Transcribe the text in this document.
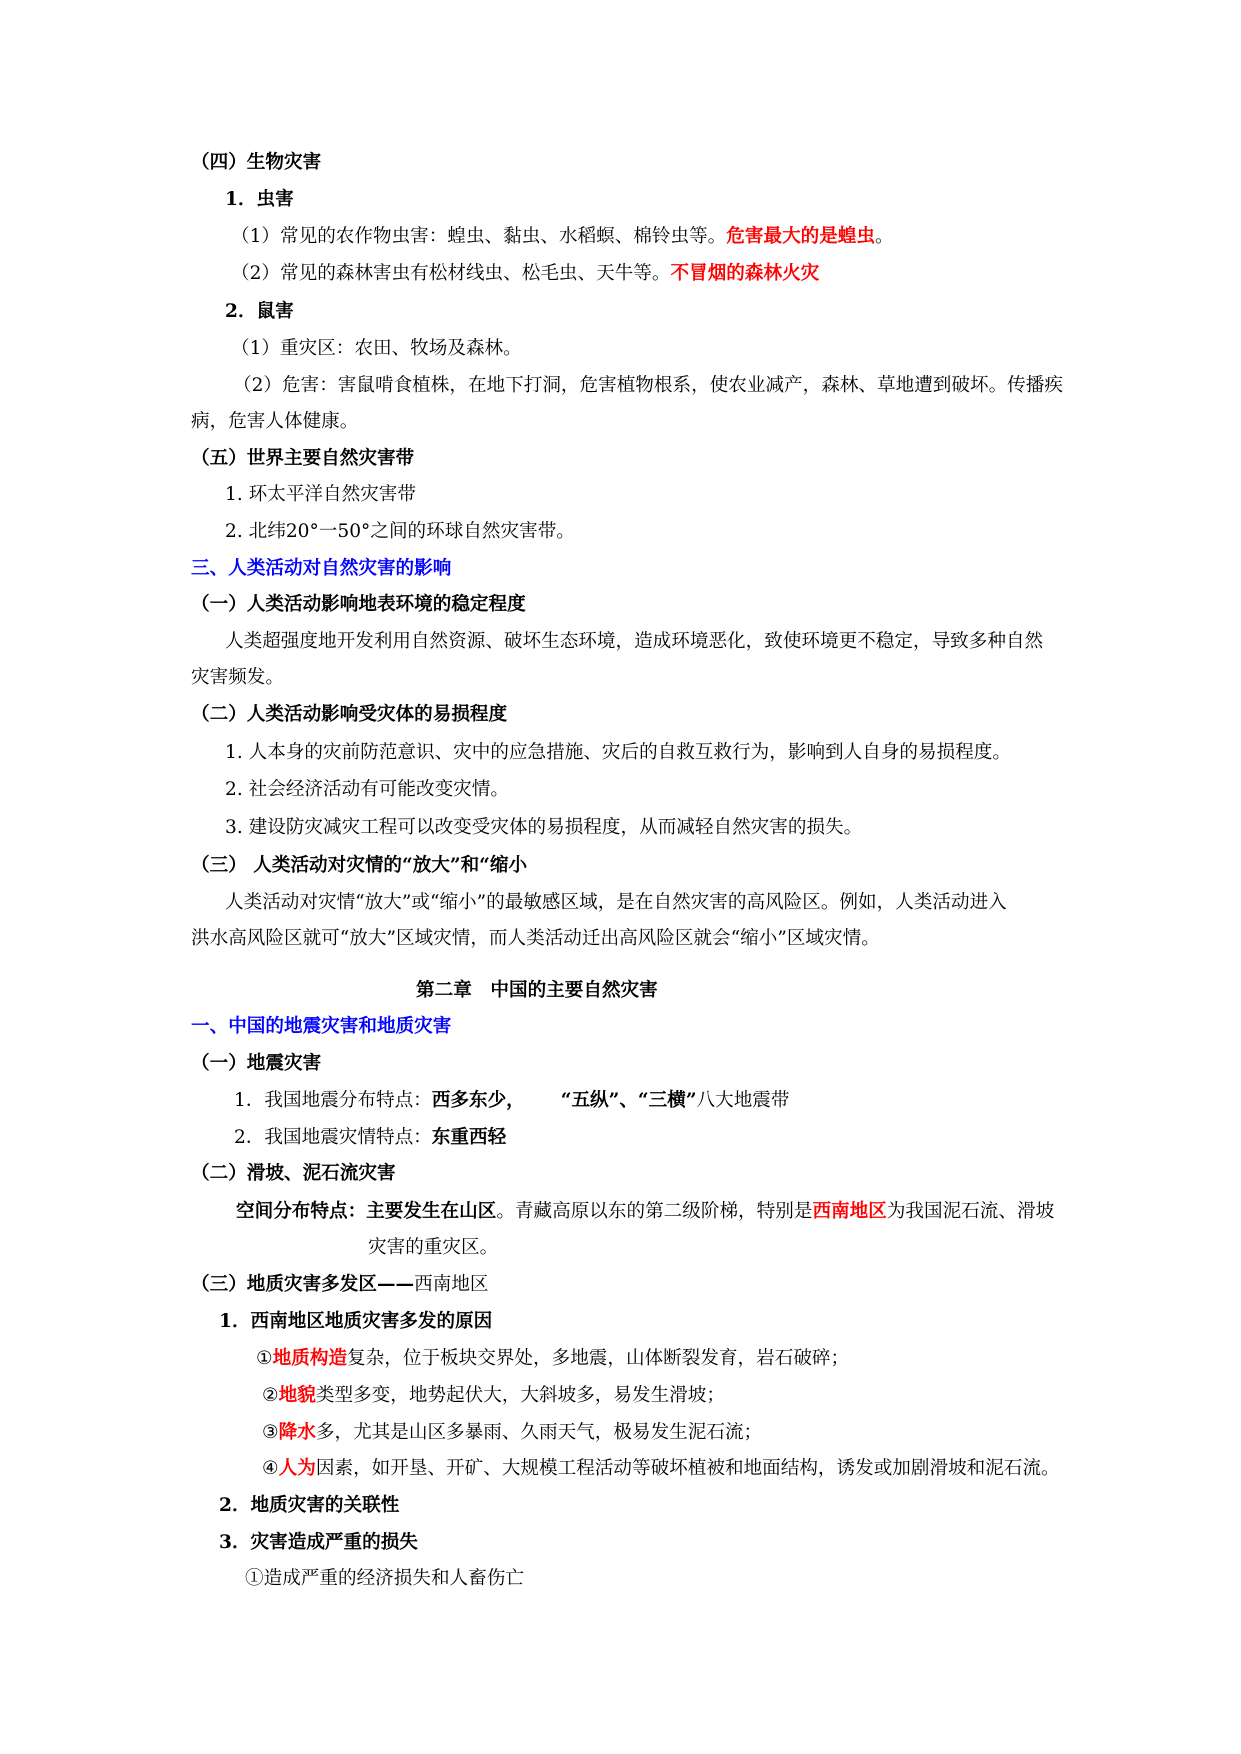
（四）生物灾害
1．虫害
（1）常见的农作物虫害：蝗虫、黏虫、水稻螟、棉铃虫等。危害最大的是蝗虫。
（2）常见的森林害虫有松材线虫、松毛虫、天牛等。不冒烟的森林火灾
2．鼠害
（1）重灾区：农田、牧场及森林。
（2）危害：害鼠啃食植株，在地下打洞，危害植物根系，使农业减产，森林、草地遭到破坏。传播疾
病，危害人体健康。
（五）世界主要自然灾害带
1. 环太平洋自然灾害带
2. 北纬20°一50°之间的环球自然灾害带。
三、人类活动对自然灾害的影响
（一）人类活动影响地表环境的稳定程度
人类超强度地开发利用自然资源、破坏生态环境，造成环境恶化，致使环境更不稳定，导致多种自然
灾害频发。
（二）人类活动影响受灾体的易损程度
1. 人本身的灾前防范意识、灾中的应急措施、灾后的自救互救行为，影响到人自身的易损程度。
2. 社会经济活动有可能改变灾情。
3. 建设防灾减灾工程可以改变受灾体的易损程度，从而减轻自然灾害的损失。
（三） 人类活动对灾情的“放大”和“缩小
人类活动对灾情“放大”或“缩小”的最敏感区域，是在自然灾害的高风险区。例如，人类活动进入
洪水高风险区就可“放大”区域灾情，而人类活动迁出高风险区就会“缩小”区域灾情。
第二章　中国的主要自然灾害
一、中国的地震灾害和地质灾害
（一）地震灾害
1．我国地震分布特点：西多东少， “五纵”、“三横”八大地震带
2．我国地震灾情特点：东重西轻
（二）滑坡、泥石流灾害
空间分布特点：主要发生在山区。青藏高原以东的第二级阶梯，特别是西南地区为我国泥石流、滑坡
灾害的重灾区。
（三）地质灾害多发区——西南地区
1．西南地区地质灾害多发的原因
①地质构造复杂，位于板块交界处，多地震，山体断裂发育，岩石破碎；
②地貌类型多变，地势起伏大，大斜坡多，易发生滑坡；
③降水多，尤其是山区多暴雨、久雨天气，极易发生泥石流；
④人为因素，如开垦、开矿、大规模工程活动等破坏植被和地面结构，诱发或加剧滑坡和泥石流。
2．地质灾害的关联性
3．灾害造成严重的损失
①造成严重的经济损失和人畜伤亡
